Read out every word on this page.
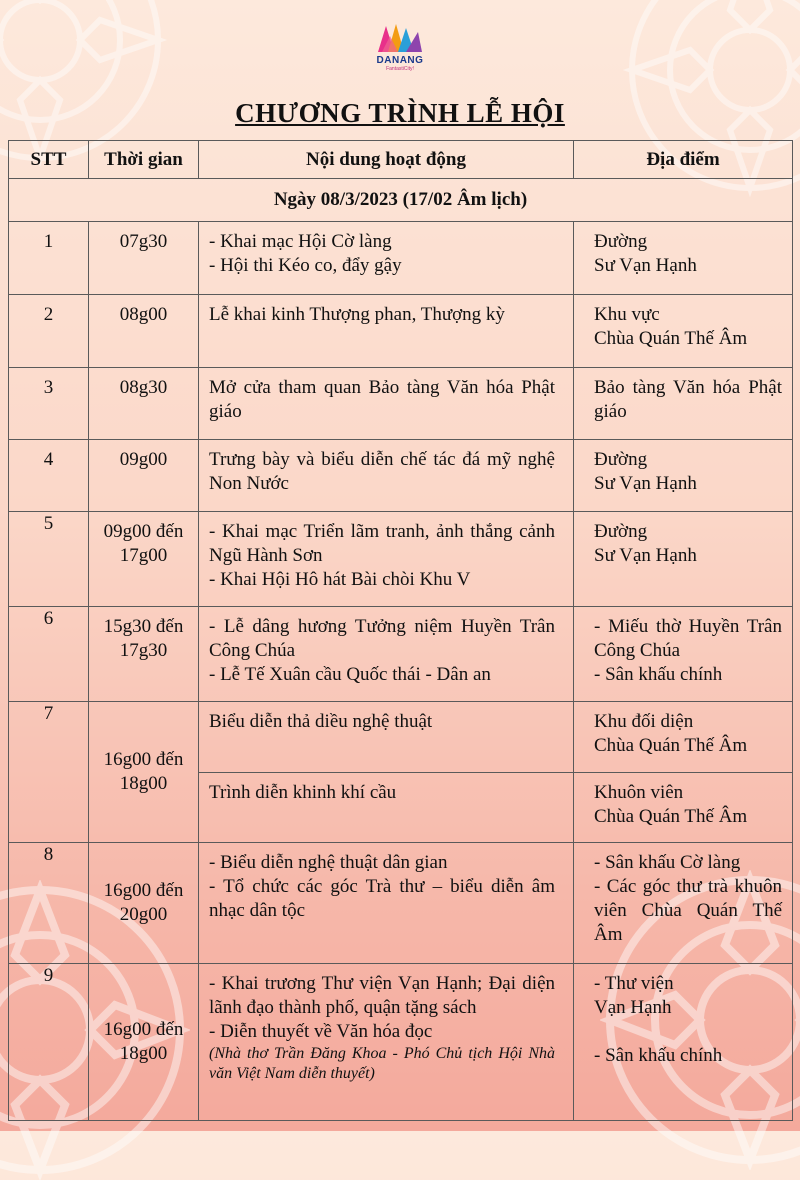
DANANG
FantastiCity!
CHƯƠNG TRÌNH LỄ HỘI
STT	Thời gian	Nội dung hoạt động	Địa điểm
Ngày 08/3/2023 (17/02 Âm lịch)			
1	07g30	- Khai mạc Hội Cờ làng
- Hội thi Kéo co, đẩy gậy	Đường
Sư Vạn Hạnh

2	08g00	Lễ khai kinh Thượng phan, Thượng kỳ	Khu vực
Chùa Quán Thế Âm

3	08g30	Mở cửa tham quan Bảo tàng Văn hóa Phật giáo	Bảo tàng Văn hóa Phật giáo

4	09g00	Trưng bày và biểu diễn chế tác đá mỹ nghệ Non Nước	Đường
Sư Vạn Hạnh

5	09g00 đến 17g00	- Khai mạc Triển lãm tranh, ảnh thắng cảnh Ngũ Hành Sơn
- Khai Hội Hô hát Bài chòi Khu V	Đường
Sư Vạn Hạnh

6	15g30 đến 17g30	- Lễ dâng hương Tưởng niệm Huyền Trân Công Chúa
- Lễ Tế Xuân cầu Quốc thái - Dân an	- Miếu thờ Huyền Trân Công Chúa
- Sân khấu chính

7	16g00 đến 18g00	Biểu diễn thả diều nghệ thuật	Khu đối diện
Chùa Quán Thế Âm

		Trình diễn khinh khí cầu	Khuôn viên
Chùa Quán Thế Âm

8	16g00 đến 20g00	- Biểu diễn nghệ thuật dân gian
- Tổ chức các góc Trà thư – biểu diễn âm nhạc dân tộc	- Sân khấu Cờ làng
- Các góc thư trà khuôn viên Chùa Quán Thế Âm

9	16g00 đến 18g00	- Khai trương Thư viện Vạn Hạnh; Đại diện lãnh đạo thành phố, quận tặng sách
- Diễn thuyết về Văn hóa đọc
(Nhà thơ Trần Đăng Khoa - Phó Chủ tịch Hội Nhà văn Việt Nam diễn thuyết)	- Thư viện
Vạn Hạnh
- Sân khấu chính
